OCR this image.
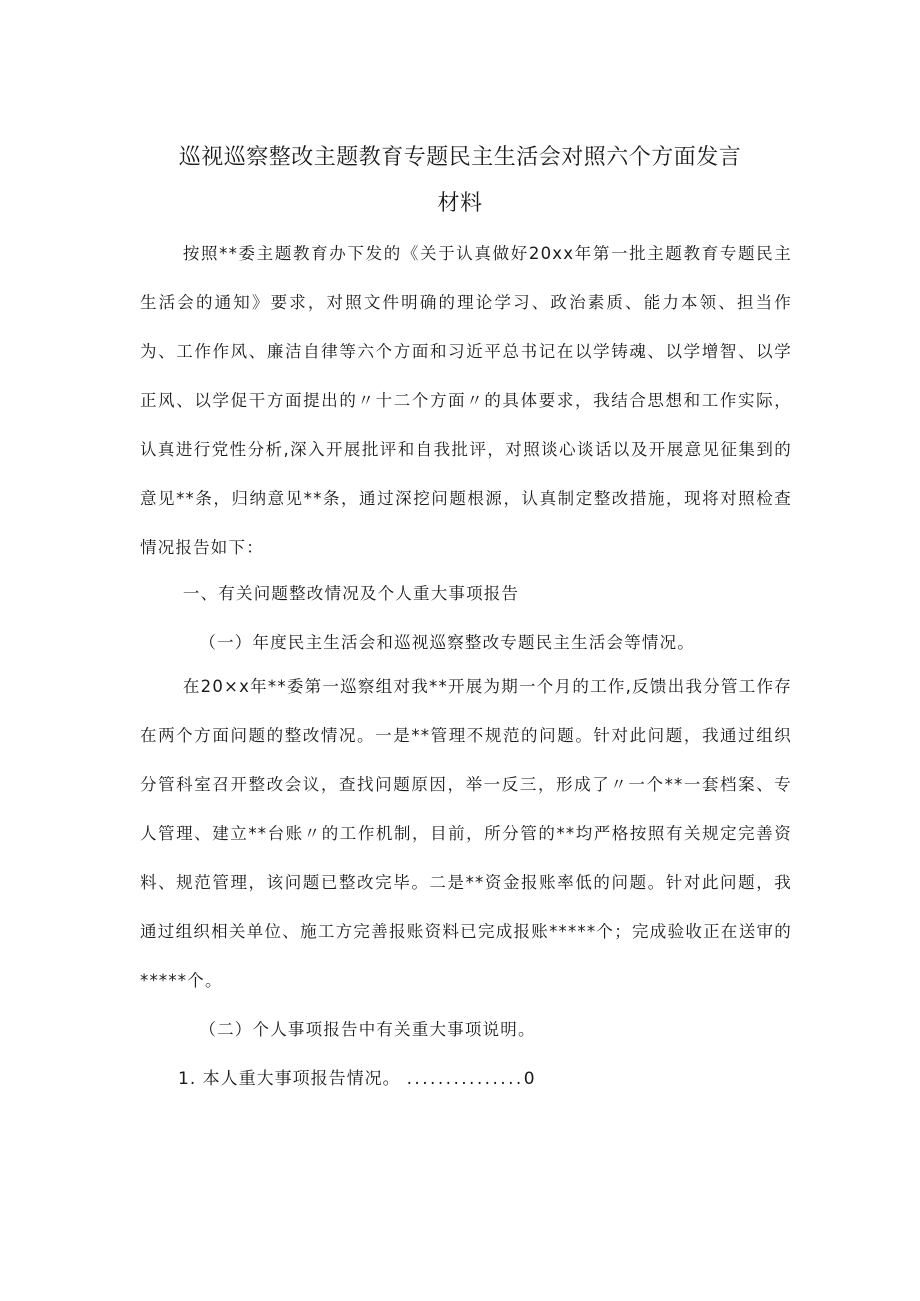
巡视巡察整改主题教育专题民主生活会对照六个方面发言
材料

按照**委主题教育办下发的《关于认真做好20xx年第一批主题教育专题民主生活会的通知》要求，对照文件明确的理论学习、政治素质、能力本领、担当作为、工作作风、廉洁自律等六个方面和习近平总书记在以学铸魂、以学增智、以学正风、以学促干方面提出的〃十二个方面〃的具体要求，我结合思想和工作实际，认真进行党性分析,深入开展批评和自我批评，对照谈心谈话以及开展意见征集到的意见**条，归纳意见**条，通过深挖问题根源，认真制定整改措施，现将对照检查情况报告如下：

一、有关问题整改情况及个人重大事项报告

（一）年度民主生活会和巡视巡察整改专题民主生活会等情况。

在20×x年**委第一巡察组对我**开展为期一个月的工作,反馈出我分管工作存在两个方面问题的整改情况。一是**管理不规范的问题。针对此问题，我通过组织分管科室召开整改会议，查找问题原因，举一反三，形成了〃一个**一套档案、专人管理、建立**台账〃的工作机制，目前，所分管的**均严格按照有关规定完善资料、规范管理，该问题已整改完毕。二是**资金报账率低的问题。针对此问题，我通过组织相关单位、施工方完善报账资料已完成报账*****个；完成验收正在送审的*****个。

（二）个人事项报告中有关重大事项说明。

1. 本人重大事项报告情况。 ...............0
